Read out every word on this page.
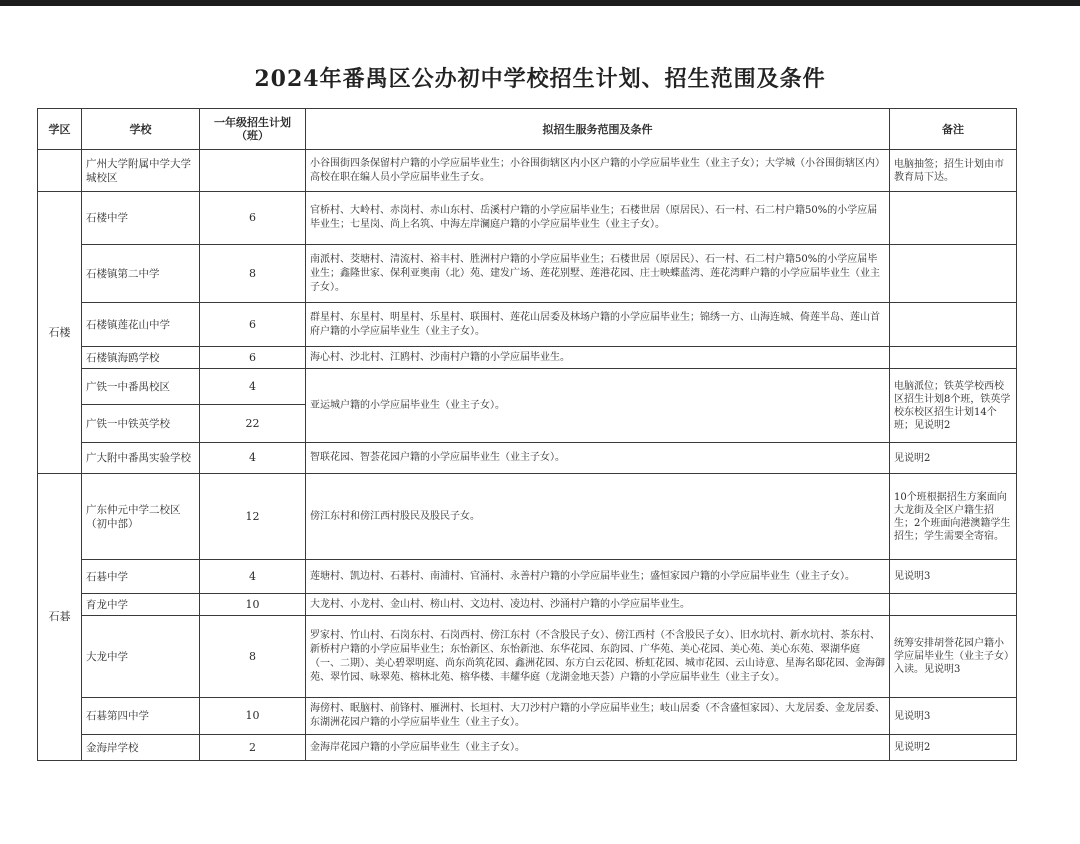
2024年番禺区公办初中学校招生计划、招生范围及条件
学区	学校	一年级招生计划（班）	拟招生服务范围及条件	备注
	广州大学附属中学大学城校区		小谷围街四条保留村户籍的小学应届毕业生；小谷围街辖区内小区户籍的小学应届毕业生（业主子女）；大学城（小谷围街辖区内）高校在职在编人员小学应届毕业生子女。	电脑抽签；招生计划由市教育局下达。
石楼	石楼中学	6	官桥村、大岭村、赤岗村、赤山东村、岳溪村户籍的小学应届毕业生；石楼世居（原居民）、石一村、石二村户籍50%的小学应届毕业生；七星岗、尚上名筑、中海左岸澜庭户籍的小学应届毕业生（业主子女）。	
	石楼镇第二中学	8	南派村、茭塘村、清流村、裕丰村、胜洲村户籍的小学应届毕业生；石楼世居（原居民）、石一村、石二村户籍50%的小学应届毕业生；鑫隆世家、保利亚奥南（北）苑、建发广场、莲花别墅、莲港花园、庄士映蝶蓝湾、莲花湾畔户籍的小学应届毕业生（业主子女）。	
	石楼镇莲花山中学	6	群星村、东星村、明星村、乐星村、联围村、莲花山居委及林场户籍的小学应届毕业生；锦绣一方、山海连城、倚莲半岛、莲山首府户籍的小学应届毕业生（业主子女）。	
	石楼镇海鸥学校	6	海心村、沙北村、江鸥村、沙南村户籍的小学应届毕业生。	
	广铁一中番禺校区	4	亚运城户籍的小学应届毕业生（业主子女）。	电脑派位；铁英学校西校区招生计划8个班，铁英学校东校区招生计划14个班；见说明2
	广铁一中铁英学校	22		
	广大附中番禺实验学校	4	智联花园、智荟花园户籍的小学应届毕业生（业主子女）。	见说明2
石碁	广东仲元中学二校区（初中部）	12	傍江东村和傍江西村股民及股民子女。	10个班根据招生方案面向大龙街及全区户籍生招生；2个班面向港澳籍学生招生；学生需要全寄宿。
	石碁中学	4	莲塘村、凯边村、石碁村、南浦村、官涌村、永善村户籍的小学应届毕业生；盛恒家园户籍的小学应届毕业生（业主子女）。	见说明3
	育龙中学	10	大龙村、小龙村、金山村、榜山村、文边村、凌边村、沙涌村户籍的小学应届毕业生。	
	大龙中学	8	罗家村、竹山村、石岗东村、石岗西村、傍江东村（不含股民子女）、傍江西村（不含股民子女）、旧水坑村、新水坑村、茶东村、新桥村户籍的小学应届毕业生；东怡新区、东怡新池、东华花园、东韵园、广华苑、美心花园、美心苑、美心东苑、翠湖华庭（一、二期）、美心碧翠明庭、尚东尚筑花园、鑫洲花园、东方白云花园、桥虹花园、城市花园、云山诗意、星海名邸花园、金海御苑、翠竹园、咏翠苑、榕林北苑、榕华楼、丰耀华庭（龙湖金地天荟）户籍的小学应届毕业生（业主子女）。	统筹安排胡誉花园户籍小学应届毕业生（业主子女）入读。见说明3
	石碁第四中学	10	海傍村、眠脑村、前锋村、雁洲村、长垣村、大刀沙村户籍的小学应届毕业生；岐山居委（不含盛恒家园）、大龙居委、金龙居委、东湖洲花园户籍的小学应届毕业生（业主子女）。	见说明3
	金海岸学校	2	金海岸花园户籍的小学应届毕业生（业主子女）。	见说明2
